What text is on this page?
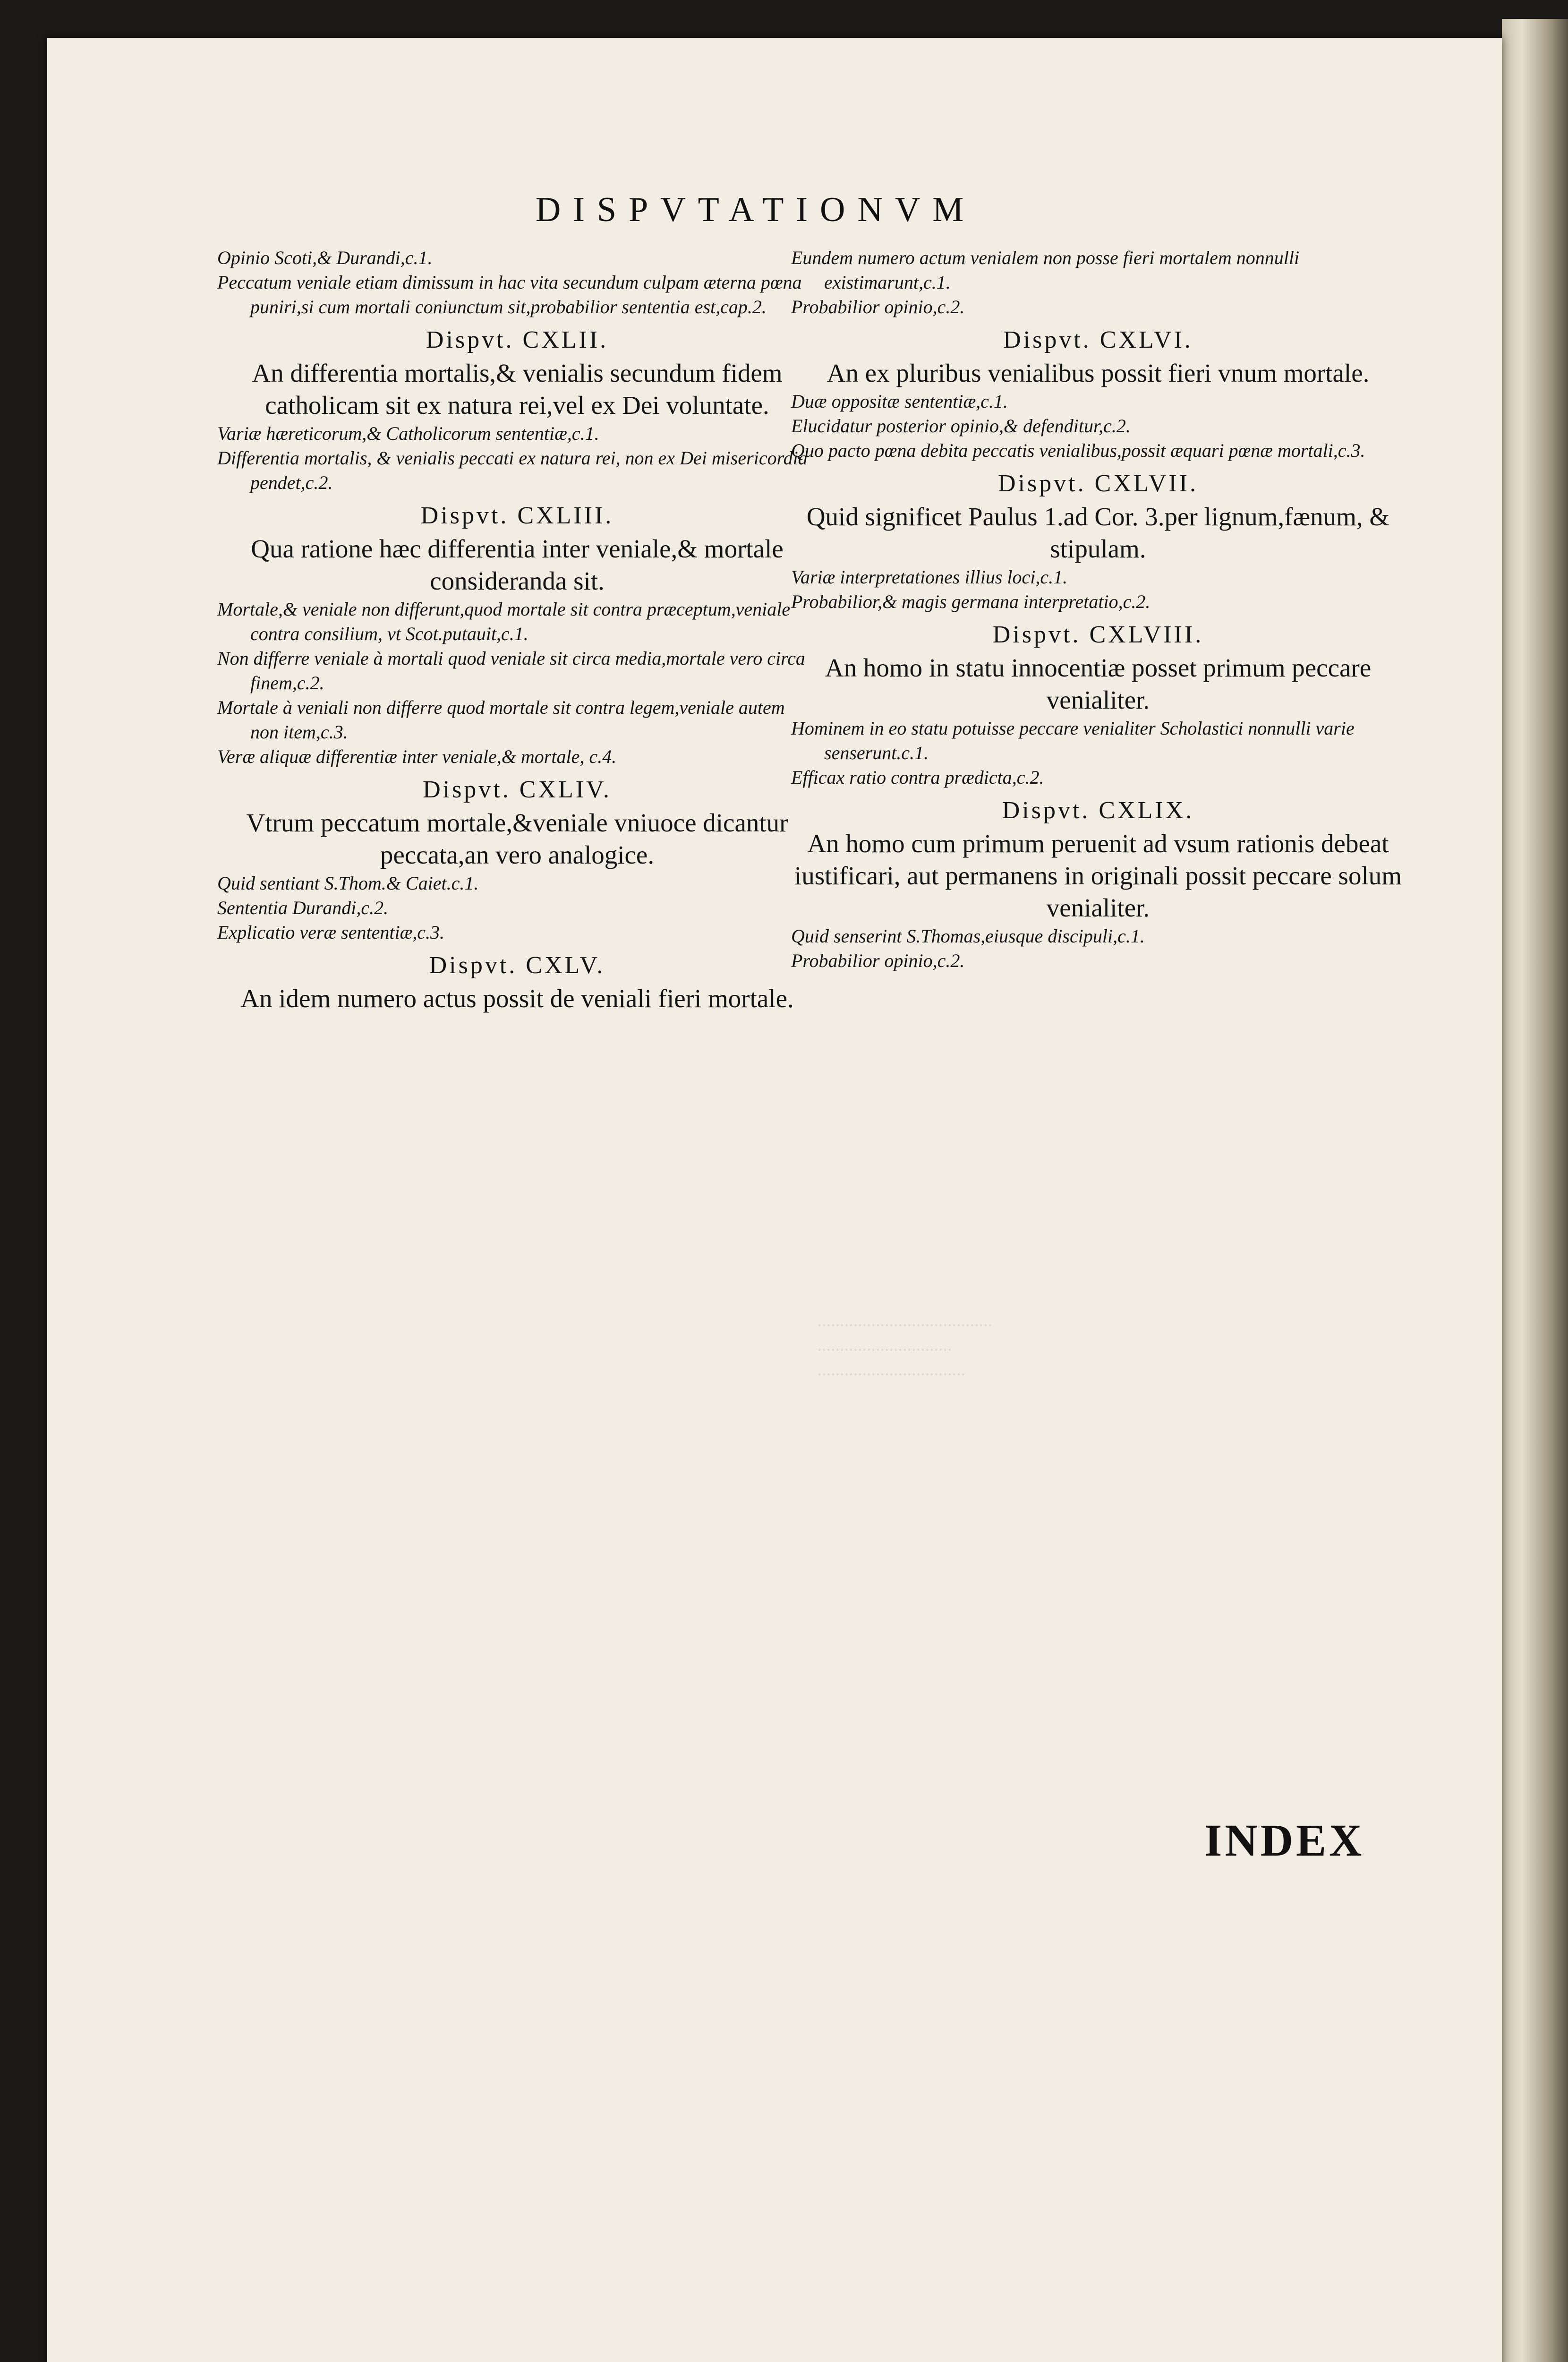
DISPVTATIONVM
·······································
······························
·································
Opinio Scoti,& Durandi,c.1.
Peccatum veniale etiam dimissum in hac vita secundum culpam æterna pœna puniri,si cum mortali coniunctum sit,probabilior sententia est,cap.2.
Dispvt. CXLII.
An differentia mortalis,& venialis secundum fidem catholicam sit ex natura rei,vel ex Dei voluntate.
Variæ hæreticorum,& Catholicorum sententiæ,c.1.
Differentia mortalis, & venialis peccati ex natura rei, non ex Dei misericordia pendet,c.2.
Dispvt. CXLIII.
Qua ratione hæc differentia inter veniale,& mortale consideranda sit.
Mortale,& veniale non differunt,quod mortale sit contra præceptum,veniale contra consilium, vt Scot.putauit,c.1.
Non differre veniale à mortali quod veniale sit circa media,mortale vero circa finem,c.2.
Mortale à veniali non differre quod mortale sit contra legem,veniale autem non item,c.3.
Veræ aliquæ differentiæ inter veniale,& mortale, c.4.
Dispvt. CXLIV.
Vtrum peccatum mortale,&veniale vniuoce dicantur peccata,an vero analogice.
Quid sentiant S.Thom.& Caiet.c.1.
Sententia Durandi,c.2.
Explicatio veræ sententiæ,c.3.
Dispvt. CXLV.
An idem numero actus possit de veniali fieri mortale.
Eundem numero actum venialem non posse fieri mortalem nonnulli existimarunt,c.1.
Probabilior opinio,c.2.
Dispvt. CXLVI.
An ex pluribus venialibus possit fieri vnum mortale.
Duæ oppositæ sententiæ,c.1.
Elucidatur posterior opinio,& defenditur,c.2.
Quo pacto pœna debita peccatis venialibus,possit æquari pœnæ mortali,c.3.
Dispvt. CXLVII.
Quid significet Paulus 1.ad Cor. 3.per lignum,fænum, & stipulam.
Variæ interpretationes illius loci,c.1.
Probabilior,& magis germana interpretatio,c.2.
Dispvt. CXLVIII.
An homo in statu innocentiæ posset primum peccare venialiter.
Hominem in eo statu potuisse peccare venialiter Scholastici nonnulli varie senserunt.c.1.
Efficax ratio contra prædicta,c.2.
Dispvt. CXLIX.
An homo cum primum peruenit ad vsum rationis debeat iustificari, aut permanens in originali possit peccare solum venialiter.
Quid senserint S.Thomas,eiusque discipuli,c.1.
Probabilior opinio,c.2.
INDEX
